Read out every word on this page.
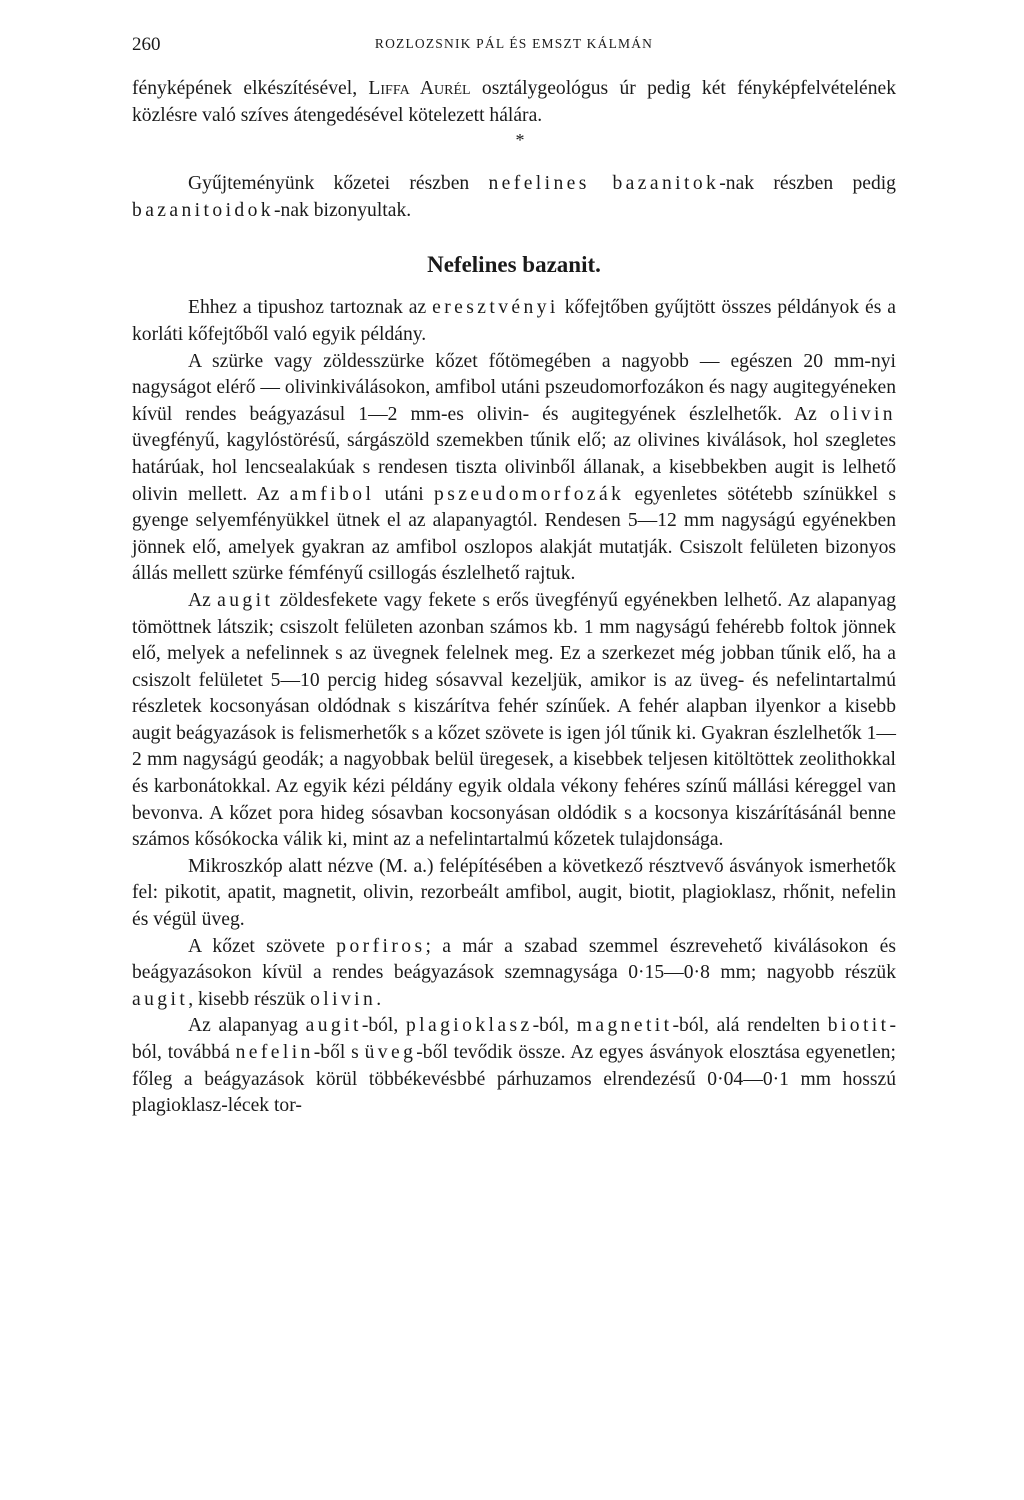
260	ROZLOZSNIK PÁL ÉS EMSZT KÁLMÁN

fényképének elkészítésével, Liffa Aurél osztálygeológus úr pedig két fényképfelvételének közlésre való szíves átengedésével kötelezett hálára.

*

Gyűjteményünk kőzetei részben nefelines bazanitok-nak részben pedig bazanitoidok-nak bizonyultak.

Nefelines bazanit.

Ehhez a tipushoz tartoznak az eresztvényi kőfejtőben gyűjtött összes példányok és a korláti kőfejtőből való egyik példány.

A szürke vagy zöldesszürke kőzet főtömegében a nagyobb — egészen 20 mm-nyi nagyságot elérő — olivinkiválásokon, amfibol utáni pszeudomorfozákon és nagy augitegyéneken kívül rendes beágyazásul 1—2 mm-es olivin- és augitegyének észlelhetők. Az olivin üvegfényű, kagylóstörésű, sárgászöld szemekben tűnik elő; az olivines kiválások, hol szegletes határúak, hol lencsealakúak s rendesen tiszta olivinből állanak, a kisebbekben augit is lelhető olivin mellett. Az amfibol utáni pszeudomorfozák egyenletes sötétebb színükkel s gyenge selyemfényükkel ütnek el az alapanyagtól. Rendesen 5—12 mm nagyságú egyénekben jönnek elő, amelyek gyakran az amfibol oszlopos alakját mutatják. Csiszolt felületen bizonyos állás mellett szürke fémfényű csillogás észlelhető rajtuk.

Az augit zöldesfekete vagy fekete s erős üvegfényű egyénekben lelhető. Az alapanyag tömöttnek látszik; csiszolt felületen azonban számos kb. 1 mm nagyságú fehérebb foltok jönnek elő, melyek a nefelinnek s az üvegnek felelnek meg. Ez a szerkezet még jobban tűnik elő, ha a csiszolt felületet 5—10 percig hideg sósavval kezeljük, amikor is az üveg- és nefelintartalmú részletek kocsonyásan oldódnak s kiszárítva fehér színűek. A fehér alapban ilyenkor a kisebb augit beágyazások is felismerhetők s a kőzet szövete is igen jól tűnik ki. Gyakran észlelhetők 1—2 mm nagyságú geodák; a nagyobbak belül üregesek, a kisebbek teljesen kitöltöttek zeolithokkal és karbonátokkal. Az egyik kézi példány egyik oldala vékony fehéres színű mállási kéreggel van bevonva. A kőzet pora hideg sósavban kocsonyásan oldódik s a kocsonya kiszárításánál benne számos kősókocka válik ki, mint az a nefelintartalmú kőzetek tulajdonsága.

Mikroszkóp alatt nézve (M. a.) felépítésében a következő résztvevő ásványok ismerhetők fel: pikotit, apatit, magnetit, olivin, rezorbeált amfibol, augit, biotit, plagioklasz, rhőnit, nefelin és végül üveg.

A kőzet szövete porfiros; a már a szabad szemmel észrevehető kiválásokon és beágyazásokon kívül a rendes beágyazások szemnagysága 0·15—0·8 mm; nagyobb részük augit, kisebb részük olivin.

Az alapanyag augit-ból, plagioklasz-ból, magnetit-ból, alá rendelten biotit-ból, továbbá nefelin-ből s üveg-ből tevődik össze. Az egyes ásványok elosztása egyenetlen; főleg a beágyazások körül többékevésbbé párhuzamos elrendezésű 0·04—0·1 mm hosszú plagioklasz-lécek tor-
